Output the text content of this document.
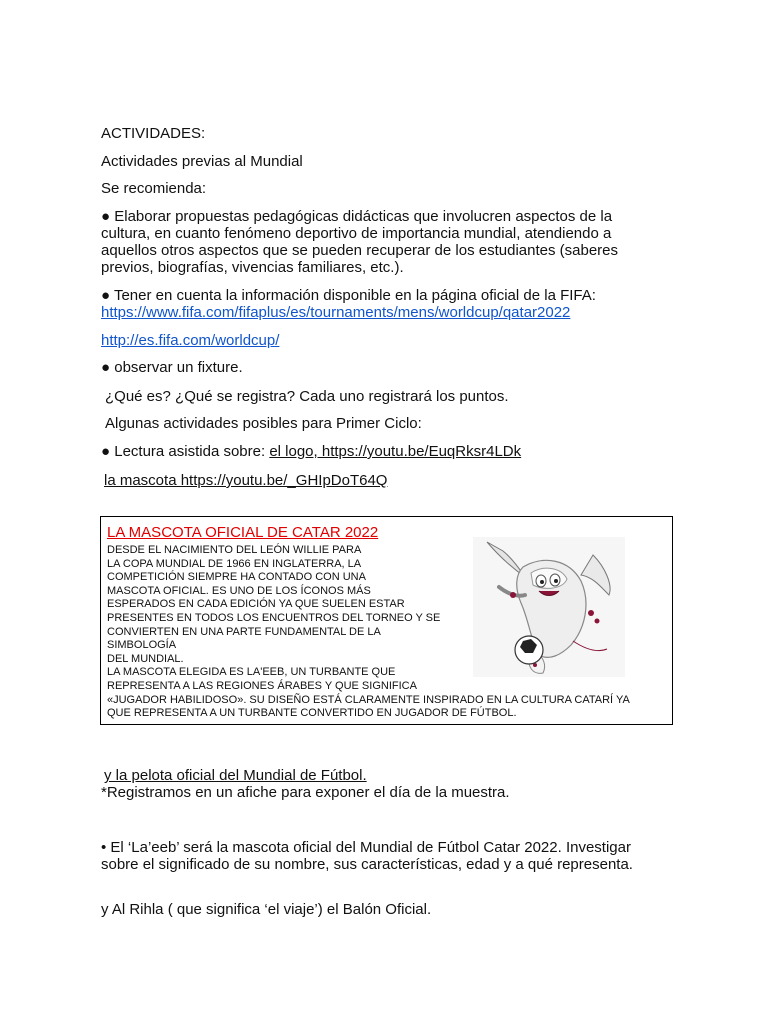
ACTIVIDADES:

Actividades previas al Mundial

Se recomienda:

● Elaborar propuestas pedagógicas didácticas que involucren aspectos de la cultura, en cuanto fenómeno deportivo de importancia mundial, atendiendo a aquellos otros aspectos que se pueden recuperar de los estudiantes (saberes previos, biografías, vivencias familiares, etc.).

● Tener en cuenta la información disponible en la página oficial de la FIFA:

https://www.fifa.com/fifaplus/es/tournaments/mens/worldcup/qatar2022
http://es.fifa.com/worldcup/

● observar un fixture.

¿Qué es? ¿Qué se registra? Cada uno registrará los puntos.

Algunas actividades posibles para Primer Ciclo:

● Lectura asistida sobre: el logo, https://youtu.be/EuqRksr4LDk

la mascota https://youtu.be/_GHIpDoT64Q

LA MASCOTA OFICIAL DE CATAR 2022
DESDE EL NACIMIENTO DEL LEÓN WILLIE PARA
LA COPA MUNDIAL DE 1966 EN INGLATERRA, LA
COMPETICIÓN SIEMPRE HA CONTADO CON UNA
MASCOTA OFICIAL. ES UNO DE LOS ÍCONOS MÁS
ESPERADOS EN CADA EDICIÓN YA QUE SUELEN ESTAR
PRESENTES EN TODOS LOS ENCUENTROS DEL TORNEO Y SE
CONVIERTEN EN UNA PARTE FUNDAMENTAL DE LA
SIMBOLOGÍA
DEL MUNDIAL.
LA MASCOTA ELEGIDA ES LA'EEB, UN TURBANTE QUE
REPRESENTA A LAS REGIONES ÁRABES Y QUE SIGNIFICA
«JUGADOR HABILIDOSO». SU DISEÑO ESTÁ CLARAMENTE INSPIRADO EN LA CULTURA CATARÍ YA
QUE REPRESENTA A UN TURBANTE CONVERTIDO EN JUGADOR DE FÚTBOL.

y la pelota oficial del Mundial de Fútbol.

*Registramos en un afiche para exponer el día de la muestra.

• El ‘La’eeb’ será la mascota oficial del Mundial de Fútbol Catar 2022. Investigar sobre el significado de su nombre, sus características, edad y a qué representa.

y Al Rihla ( que significa ‘el viaje’) el Balón Oficial.
